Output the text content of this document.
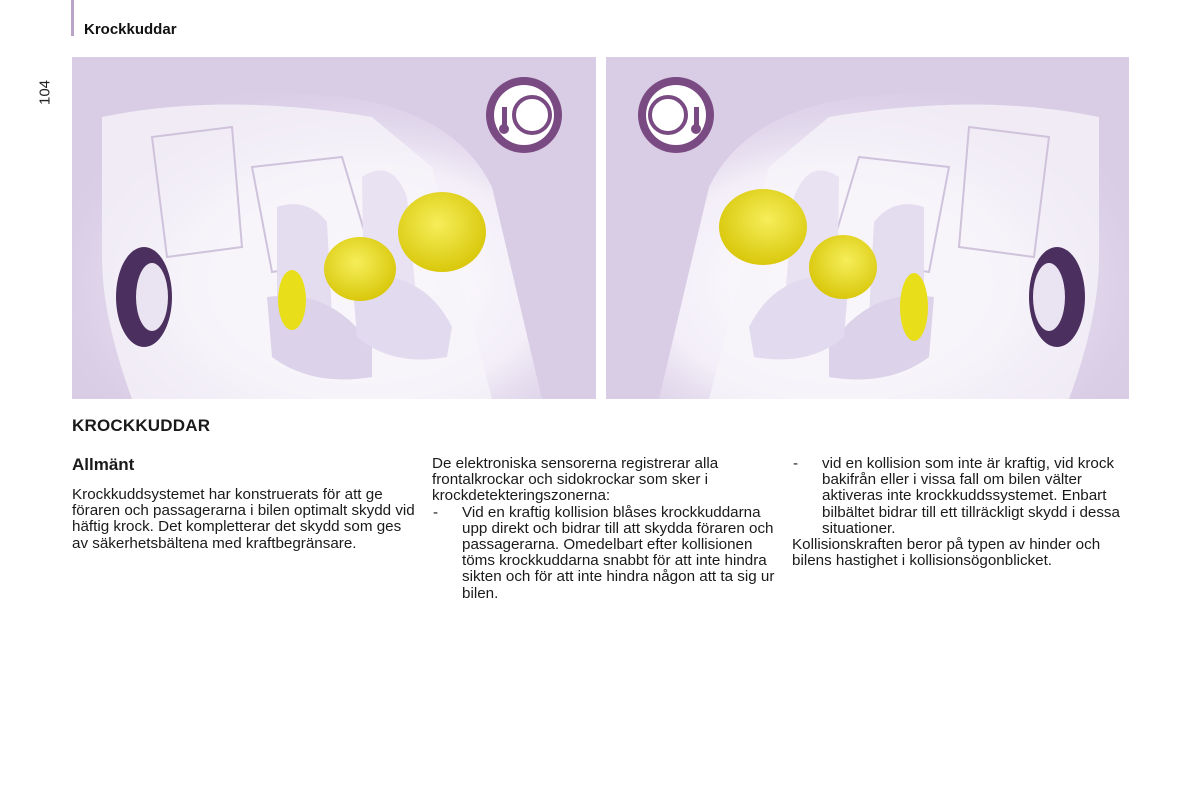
Krockkuddar
104
KROCKKUDDAR
Allmänt

Krockkuddsystemet har konstruerats för att ge föraren och passagerarna i bilen optimalt skydd vid häftig krock. Det kompletterar det skydd som ges av säkerhetsbältena med kraftbegränsare.

De elektroniska sensorerna registrerar alla frontalkrockar och sidokrockar som sker i krockdetekteringszonerna:

- Vid en kraftig kollision blåses krockkuddarna upp direkt och bidrar till att skydda föraren och passagerarna. Omedelbart efter kollisionen töms krockkuddarna snabbt för att inte hindra sikten och för att inte hindra någon att ta sig ur bilen.

- vid en kollision som inte är kraftig, vid krock bakifrån eller i vissa fall om bilen välter aktiveras inte krockkuddssystemet. Enbart bilbältet bidrar till ett tillräckligt skydd i dessa situationer.

Kollisionskraften beror på typen av hinder och bilens hastighet i kollisionsögonblicket.
